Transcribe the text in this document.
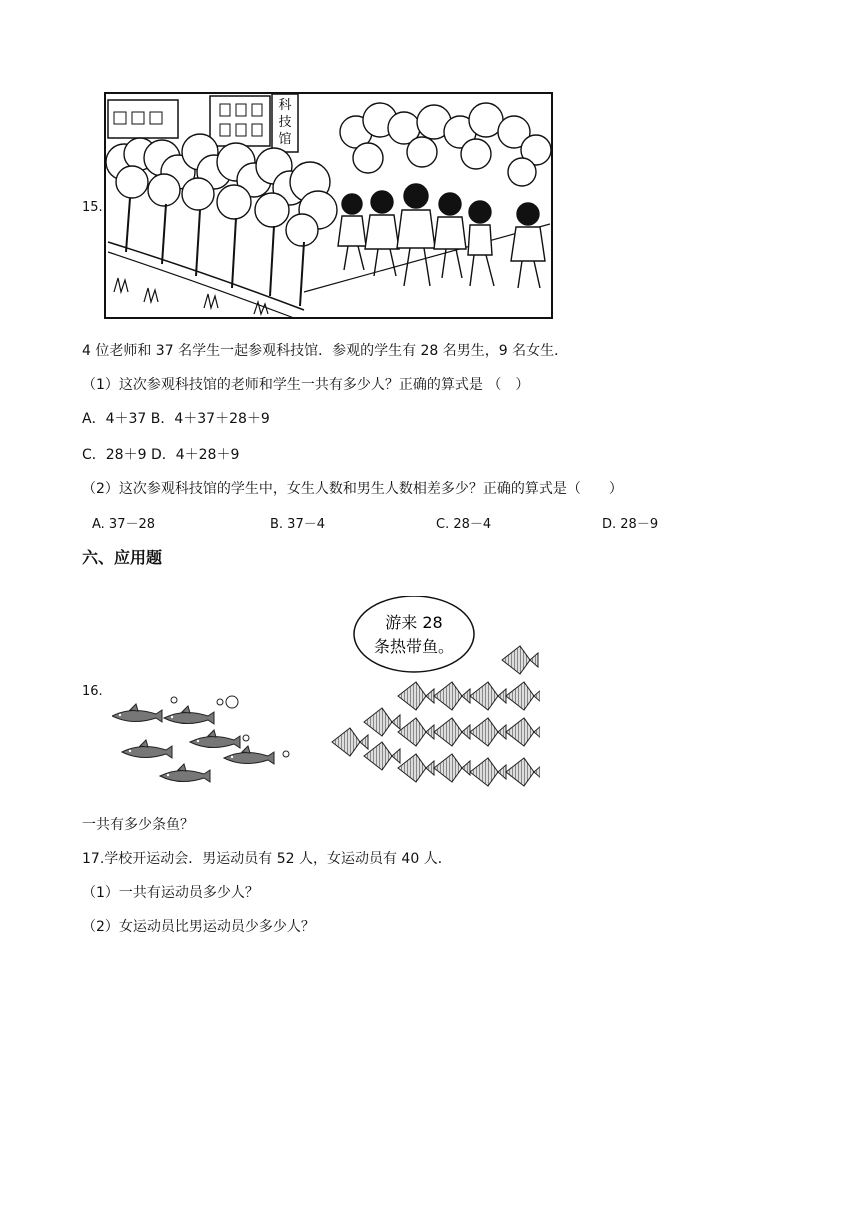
15.
科
技
馆
4 位老师和 37 名学生一起参观科技馆．参观的学生有 28 名男生，9 名女生．
（1）这次参观科技馆的老师和学生一共有多少人？正确的算式是 （　）
A．4＋37 B．4＋37＋28＋9
C．28＋9 D．4＋28＋9
（2）这次参观科技馆的学生中，女生人数和男生人数相差多少？正确的算式是（　　）
A. 37－28	B. 37－4	C. 28－4	D. 28－9
六、应用题
16.
游来 28
条热带鱼。
一共有多少条鱼？
17.学校开运动会．男运动员有 52 人，女运动员有 40 人．
（1）一共有运动员多少人？
（2）女运动员比男运动员少多少人？
